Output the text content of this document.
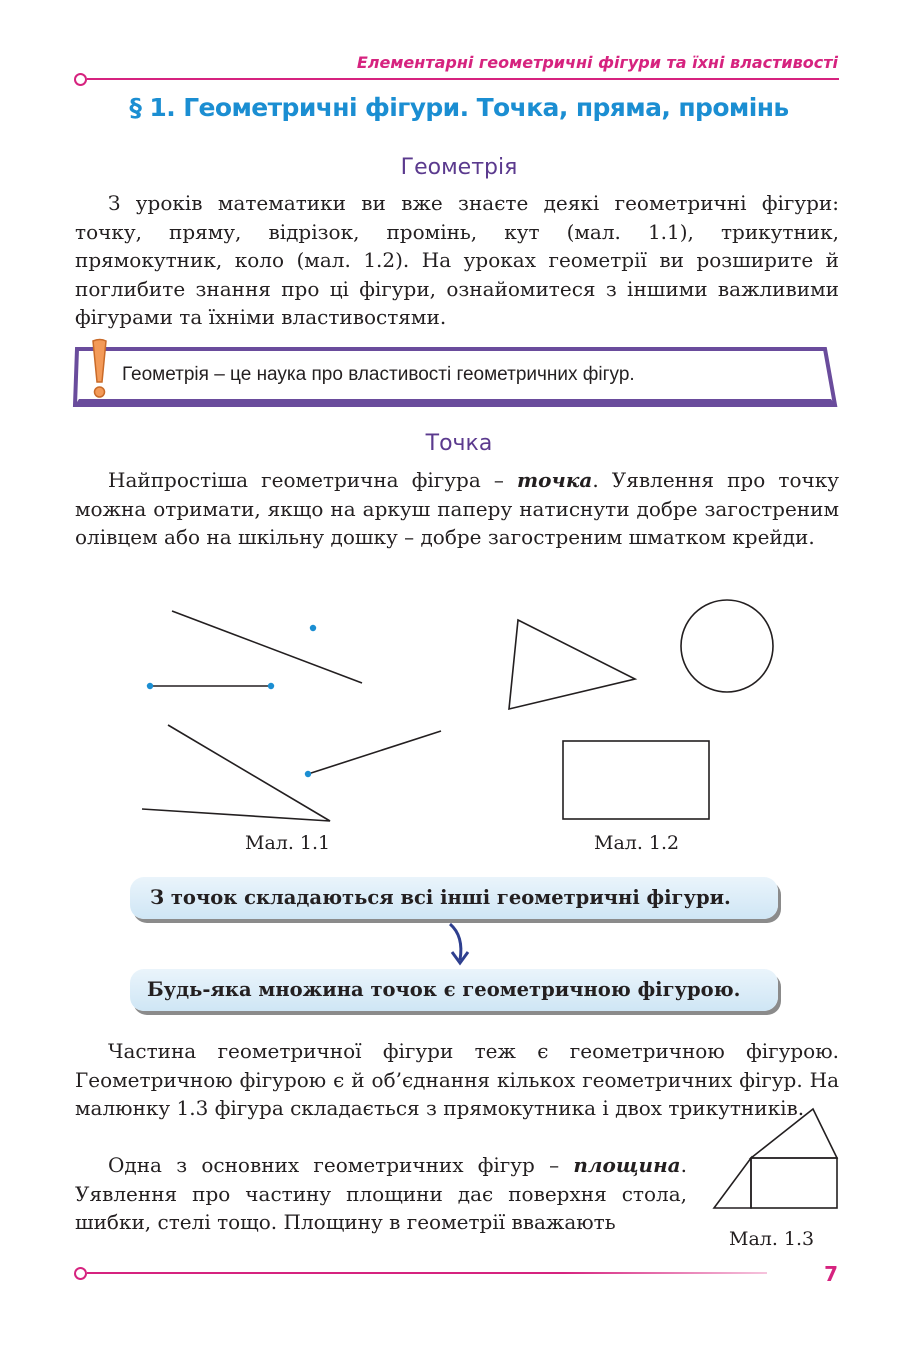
Елементарні геометричні фігури та їхні властивості
§ 1. Геометричні фігури. Точка, пряма, промінь
Геометрія
З уроків математики ви вже знаєте деякі геометричні фігури: точку, пряму, відрізок, промінь, кут (мал. 1.1), трикутник, прямокутник, коло (мал. 1.2). На уроках геометрії ви розширите й поглибите знання про ці фігури, ознайомитеся з іншими важливими фігурами та їхніми властивостями.
Геометрія – це наука про властивості геометричних фігур.
Точка
Найпростіша геометрична фігура – точка. Уявлення про точку можна отримати, якщо на аркуш паперу натиснути добре загостреним олівцем або на шкільну дошку – добре загостреним шматком крейди.
Мал. 1.1	Мал. 1.2
З точок складаються всі інші геометричні фігури.
Будь-яка множина точок є геометричною фігурою.
Частина геометричної фігури теж є геометричною фігурою. Геометричною фігурою є й об’єднання кількох геометричних фігур. На малюнку 1.3 фігура складається з прямокутника і двох трикутників.
Одна з основних геометричних фігур – площина. Уявлення про частину площини дає поверхня стола, шибки, стелі тощо. Площину в геометрії вважають
Мал. 1.3
7
